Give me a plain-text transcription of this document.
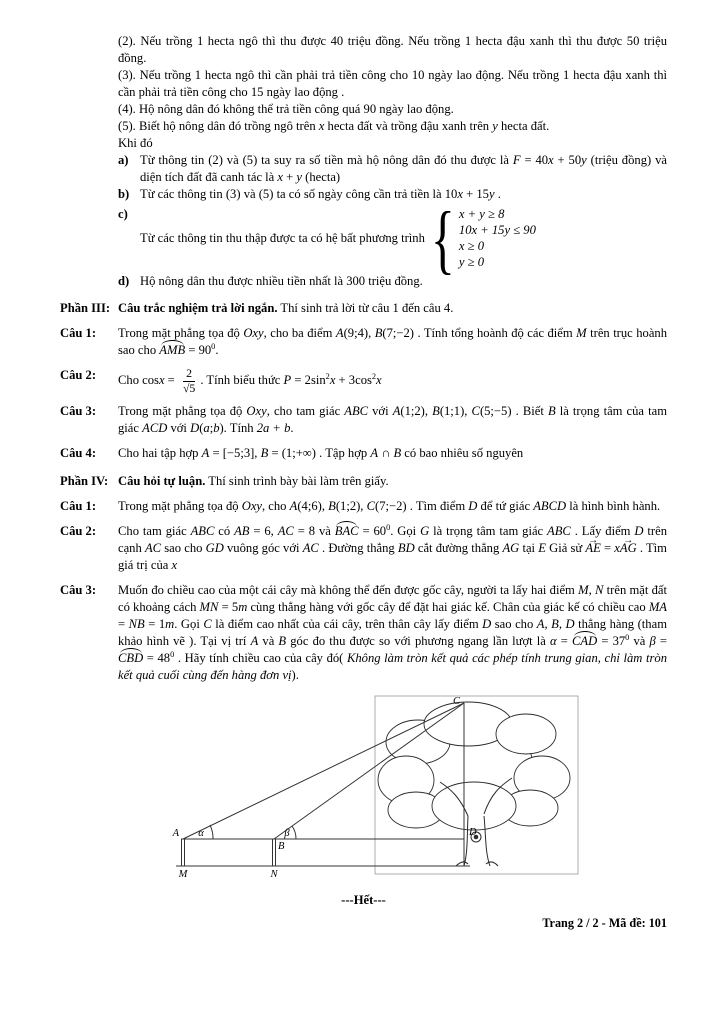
(2). Nếu trồng 1 hecta ngô thì thu được 40 triệu đồng. Nếu trồng 1 hecta đậu xanh thì thu được 50 triệu đồng.
(3). Nếu trồng 1 hecta ngô thì cần phải trả tiền công cho 10 ngày lao động. Nếu trồng 1 hecta đậu xanh thì cần phải trả tiền công cho 15 ngày lao động .
(4). Hộ nông dân đó không thể trả tiền công quá 90 ngày lao động.
(5). Biết hộ nông dân đó trồng ngô trên x hecta đất và trồng đậu xanh trên y hecta đất.
Khi đó
a) Từ thông tin (2) và (5) ta suy ra số tiền mà hộ nông dân đó thu được là F = 40x + 50y (triệu đồng) và diện tích đất đã canh tác là x + y (hecta)
b) Từ các thông tin (3) và (5) ta có số ngày công cần trả tiền là 10x + 15y .
c)
Từ các thông tin thu thập được ta có hệ bất phương trình { x + y ≥ 8
10x + 15y ≤ 90
x ≥ 0
y ≥ 0
d) Hộ nông dân thu được nhiều tiền nhất là 300 triệu đồng.
Phần III: Câu trắc nghiệm trả lời ngắn. Thí sinh trả lời từ câu 1 đến câu 4.
Câu 1:	Trong mặt phẳng tọa độ Oxy, cho ba điểm A(9;4), B(7;−2) . Tính tổng hoành độ các điểm M trên trục hoành sao cho AMB = $90^0$.
Câu 2:	Cho $\cos x = \frac{2}{√5}$ . Tính biểu thức $P = 2\sin^2x + 3\cos^2x$
Câu 3:	Trong mặt phẳng tọa độ Oxy, cho tam giác ABC với A(1;2), B(1;1), C(5;−5) . Biết B là trọng tâm của tam giác ACD với D(a;b). Tính 2a + b.
Câu 4:	Cho hai tập hợp A = [−5;3], B = (1;+∞) . Tập hợp A ∩ B có bao nhiêu số nguyên
Phần IV: Câu hỏi tự luận. Thí sinh trình bày bài làm trên giấy.
Câu 1:	Trong mặt phẳng tọa độ Oxy, cho A(4;6), B(1;2), C(7;−2) . Tìm điểm D để tứ giác ABCD là hình bình hành.
Câu 2:	Cho tam giác ABC có AB = 6, AC = 8 và BAC = $60^0$. Gọi G là trọng tâm tam giác ABC . Lấy điểm D trên cạnh AC sao cho GD vuông góc với AC . Đường thẳng BD cắt đường thẳng AG tại E Giả sử AE → = xAG → . Tìm giá trị của x
Câu 3:	Muốn đo chiều cao của một cái cây mà không thể đến được gốc cây, người ta lấy hai điểm M, N trên mặt đất có khoảng cách MN = 5m cùng thẳng hàng với gốc cây để đặt hai giác kế. Chân của giác kế có chiều cao MA = NB = 1m. Gọi C là điểm cao nhất của cái cây, trên thân cây lấy điểm D sao cho A, B, D thẳng hàng (tham khảo hình vẽ ). Tại vị trí A và B góc đo thu được so với phương ngang lần lượt là α = CAD = $37^0$ và β = CBD = $48^0$ . Hãy tính chiều cao của cây đó( Không làm tròn kết quả các phép tính trung gian, chỉ làm tròn kết quả cuối cùng đến hàng đơn vị).
C
A
B
D
M	N
α	β
---Hết---
Trang 2 / 2 - Mã đề: 101
